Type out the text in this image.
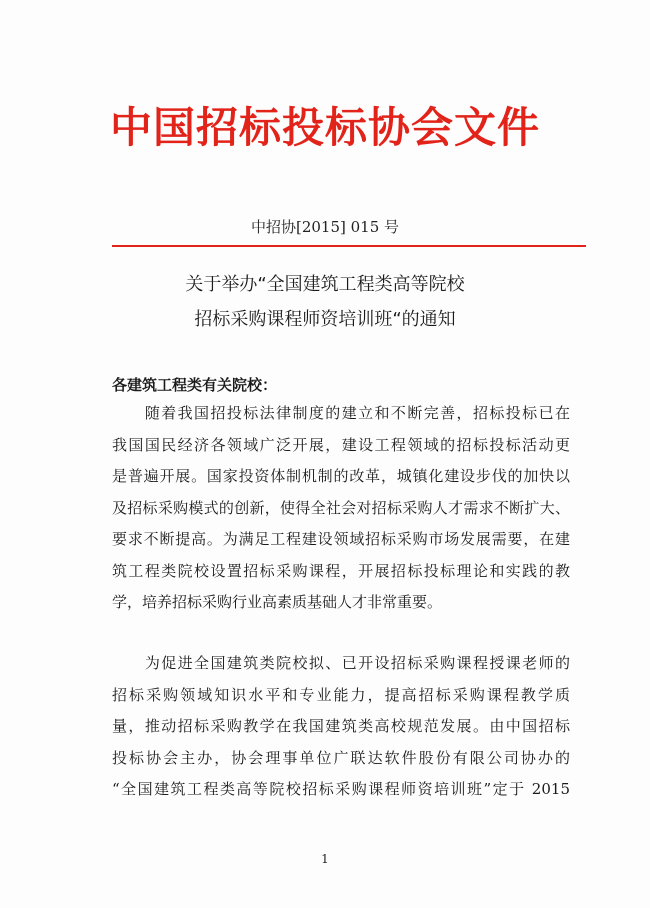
中国招标投标协会文件
中招协[2015] 015 号
关于举办“全国建筑工程类高等院校
招标采购课程师资培训班“的通知
各建筑工程类有关院校：
　　随着我国招投标法律制度的建立和不断完善，招标投标已在
我国国民经济各领域广泛开展，建设工程领域的招标投标活动更
是普遍开展。国家投资体制机制的改革，城镇化建设步伐的加快以
及招标采购模式的创新，使得全社会对招标采购人才需求不断扩大、
要求不断提高。为满足工程建设领域招标采购市场发展需要，在建
筑工程类院校设置招标采购课程，开展招标投标理论和实践的教
学，培养招标采购行业高素质基础人才非常重要。
　　为促进全国建筑类院校拟、已开设招标采购课程授课老师的
招标采购领域知识水平和专业能力，提高招标采购课程教学质
量，推动招标采购教学在我国建筑类高校规范发展。由中国招标
投标协会主办，协会理事单位广联达软件股份有限公司协办的
“全国建筑工程类高等院校招标采购课程师资培训班”定于 2015
1
